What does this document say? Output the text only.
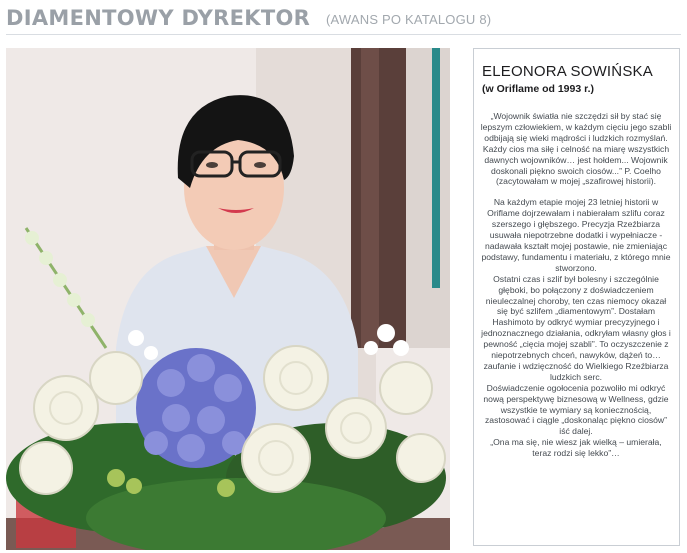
DIAMENTOWY DYREKTOR (AWANS PO KATALOGU 8)
ELEONORA SOWIŃSKA
(w Oriflame od 1993 r.)

„Wojownik światła nie szczędzi sił by stać się lepszym człowiekiem, w każdym cięciu jego szabli odbijają się wieki mądrości i ludzkich rozmyślań. Każdy cios ma siłę i celność na miarę wszystkich dawnych wojowników… jest hołdem... Wojownik doskonali piękno swoich ciosów...” P. Coelho (zacytowałam w mojej „szafirowej historii).

Na każdym etapie mojej 23 letniej historii w Oriflame dojrzewałam i nabierałam szlifu coraz szerszego i głębszego. Precyzja Rzeźbiarza usuwała niepotrzebne dodatki i wypełniacze - nadawała kształt mojej postawie, nie zmieniając podstawy, fundamentu i materiału, z którego mnie stworzono.

Ostatni czas i szlif był bolesny i szczególnie głęboki, bo połączony z doświadczeniem nieuleczalnej choroby, ten czas niemocy okazał się być szlifem „diamentowym”. Dostałam Hashimoto by odkryć wymiar precyzyjnego i jednoznacznego działania, odkryłam własny głos i pewność „cięcia mojej szabli”. To oczyszczenie z niepotrzebnych chceń, nawyków, dążeń to… zaufanie i wdzięczność do Wielkiego Rzeźbiarza ludzkich serc.

Doświadczenie ogołocenia pozwoliło mi odkryć nową perspektywę biznesową w Wellness, gdzie wszystkie te wymiary są koniecznością, zastosować i ciągle „doskonaląc piękno ciosów” iść dalej.

„Ona ma się, nie wiesz jak wielką – umierała, teraz rodzi się lekko”…
